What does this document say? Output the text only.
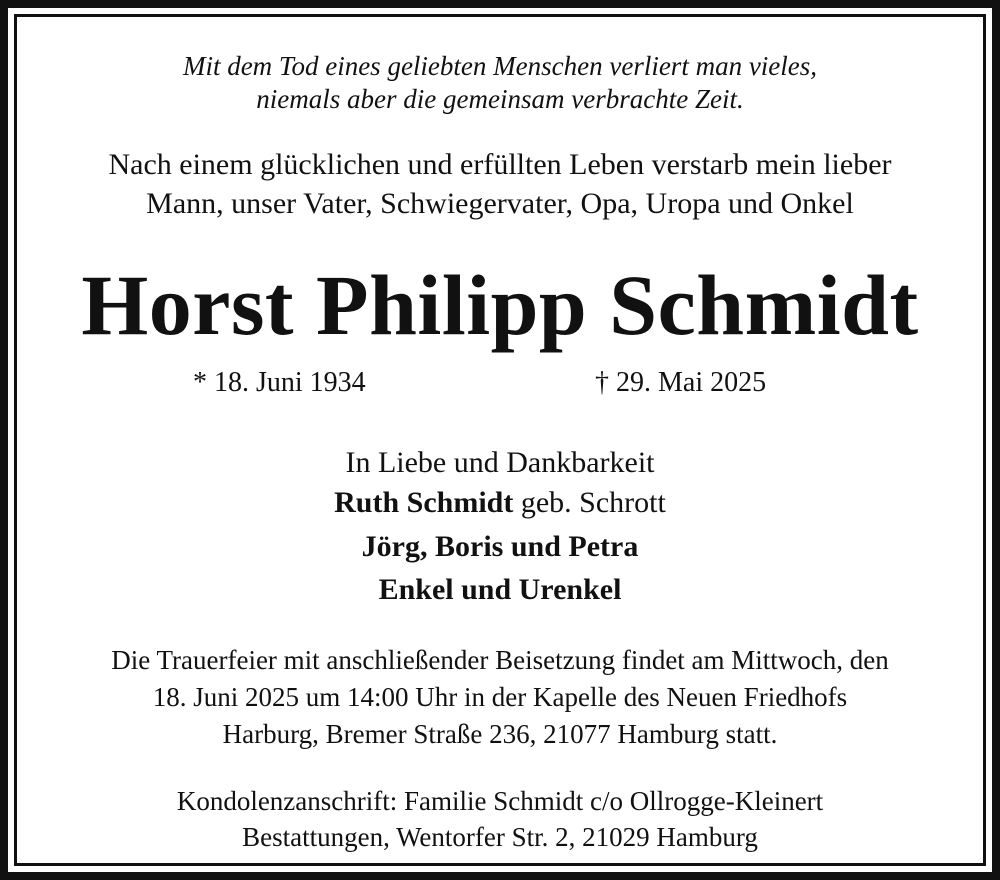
Mit dem Tod eines geliebten Menschen verliert man vieles,
niemals aber die gemeinsam verbrachte Zeit.
Nach einem glücklichen und erfüllten Leben verstarb mein lieber
Mann, unser Vater, Schwiegervater, Opa, Uropa und Onkel
Horst Philipp Schmidt
* 18. Juni 1934	† 29. Mai 2025
In Liebe und Dankbarkeit
Ruth Schmidt geb. Schrott
Jörg, Boris und Petra
Enkel und Urenkel
Die Trauerfeier mit anschließender Beisetzung findet am Mittwoch, den
18. Juni 2025 um 14:00 Uhr in der Kapelle des Neuen Friedhofs
Harburg, Bremer Straße 236, 21077 Hamburg statt.
Kondolenzanschrift: Familie Schmidt c/o Ollrogge-Kleinert
Bestattungen, Wentorfer Str. 2, 21029 Hamburg
